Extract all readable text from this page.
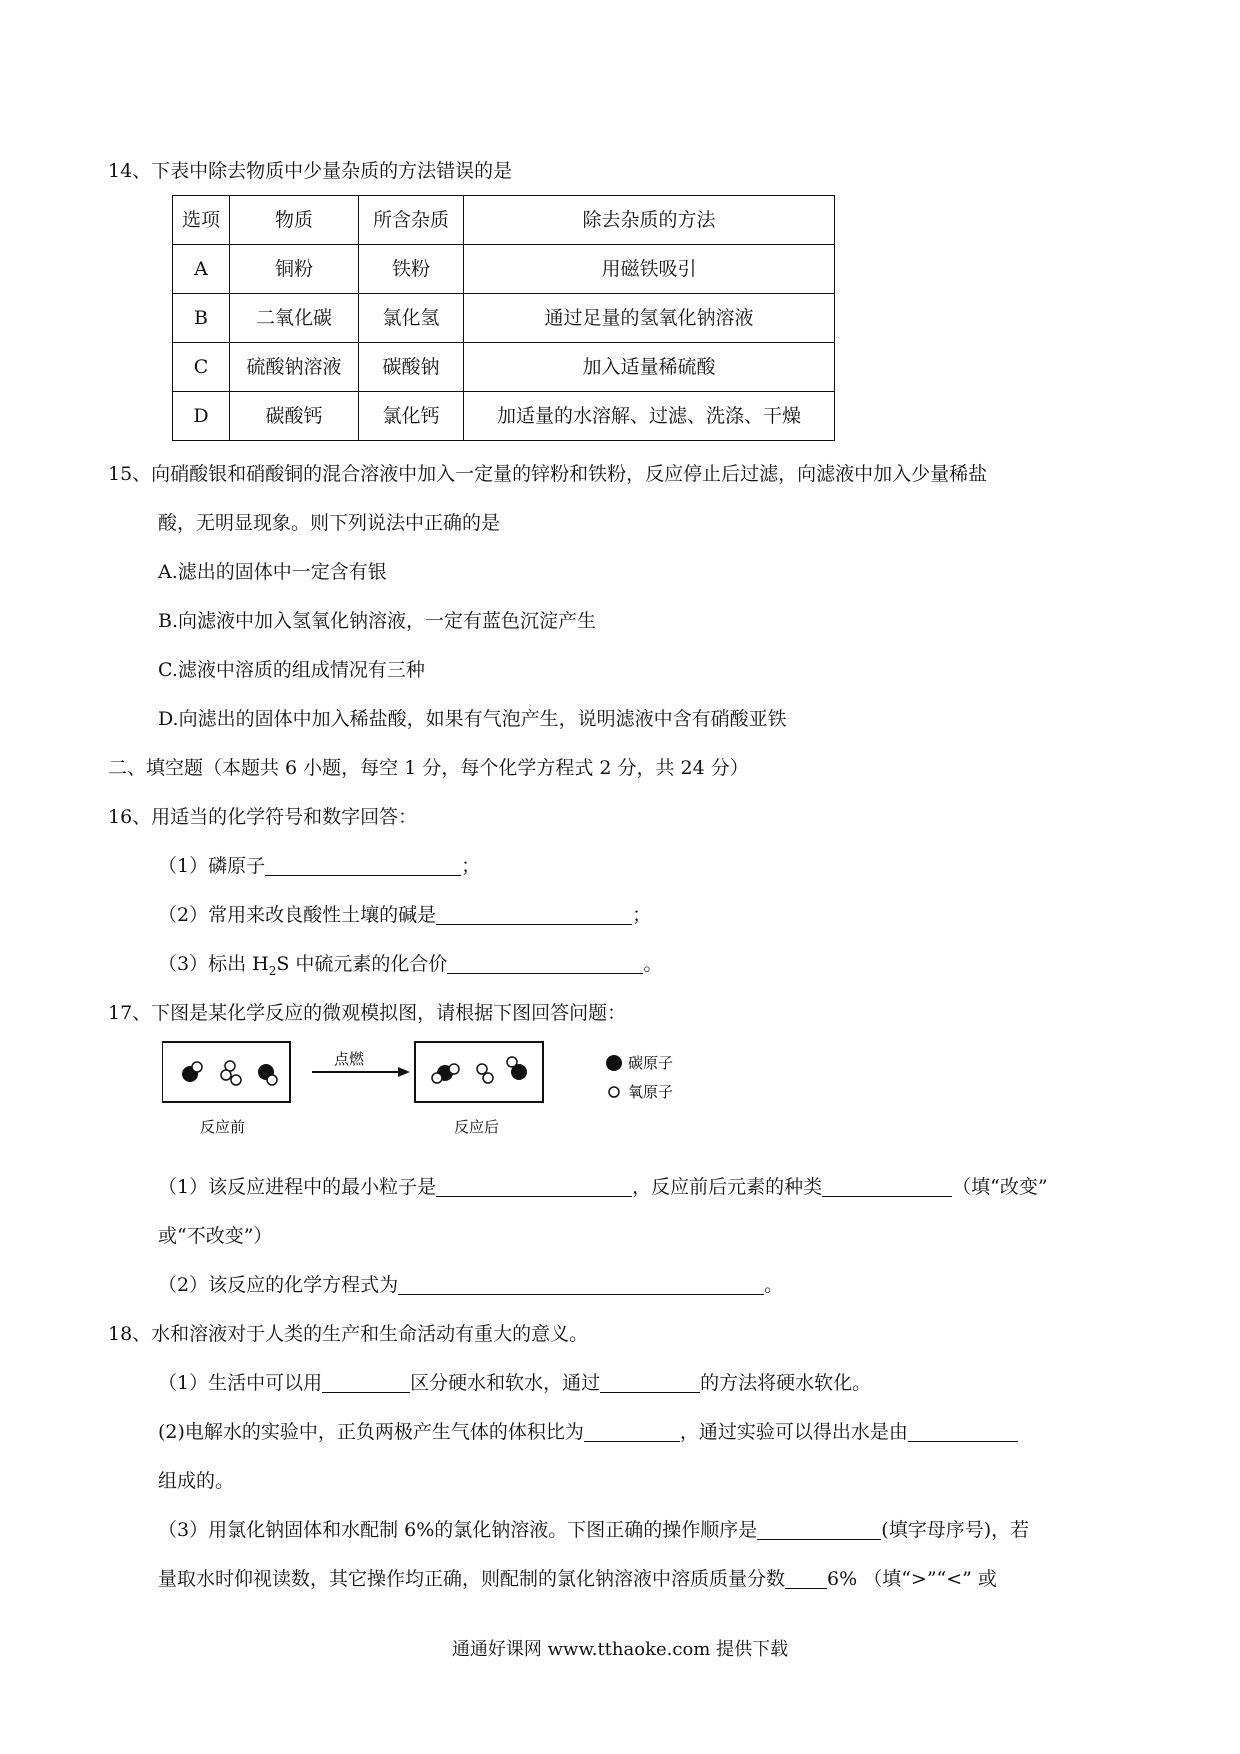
14、下表中除去物质中少量杂质的方法错误的是
选项	物质	所含杂质	除去杂质的方法
A	铜粉	铁粉	用磁铁吸引
B	二氧化碳	氯化氢	通过足量的氢氧化钠溶液
C	硫酸钠溶液	碳酸钠	加入适量稀硫酸
D	碳酸钙	氯化钙	加适量的水溶解、过滤、洗涤、干燥
15、向硝酸银和硝酸铜的混合溶液中加入一定量的锌粉和铁粉，反应停止后过滤，向滤液中加入少量稀盐
酸，无明显现象。则下列说法中正确的是
A.滤出的固体中一定含有银
B.向滤液中加入氢氧化钠溶液，一定有蓝色沉淀产生
C.滤液中溶质的组成情况有三种
D.向滤出的固体中加入稀盐酸，如果有气泡产生，说明滤液中含有硝酸亚铁
二、填空题（本题共 6 小题，每空 1 分，每个化学方程式 2 分，共 24 分）
16、用适当的化学符号和数字回答：
（1）磷原子	；
（2）常用来改良酸性土壤的碱是	；
（3）标出 $H_2S$ 中硫元素的化合价	。
17、下图是某化学反应的微观模拟图，请根据下图回答问题：
点燃
反应前	反应后
碳原子
氧原子
（1）该反应进程中的最小粒子是	，反应前后元素的种类	（填“改变”
或“不改变”）
（2）该反应的化学方程式为	。
18、水和溶液对于人类的生产和生命活动有重大的意义。
（1）生活中可以用	区分硬水和软水，通过	的方法将硬水软化。
(2)电解水的实验中，正负两极产生气体的体积比为	，通过实验可以得出水是由
组成的。
（3）用氯化钠固体和水配制 6%的氯化钠溶液。下图正确的操作顺序是	(填字母序号)，若
量取水时仰视读数，其它操作均正确，则配制的氯化钠溶液中溶质质量分数 6% （填“>”“<” 或
通通好课网 www.tthaoke.com 提供下载
